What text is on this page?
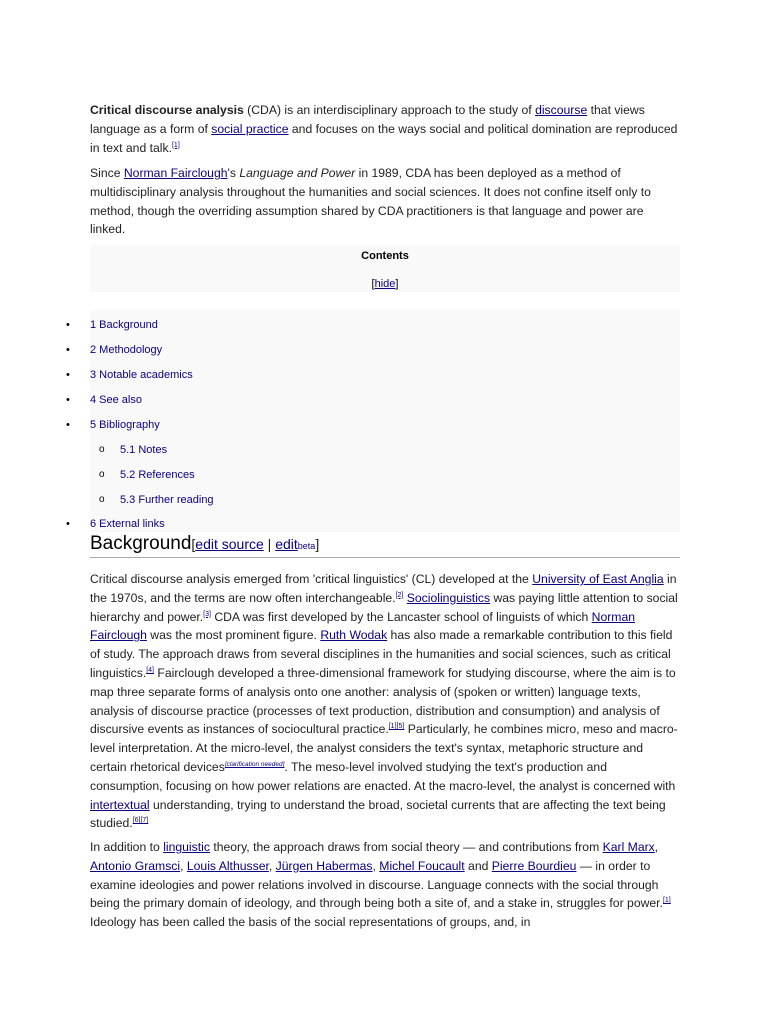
Critical discourse analysis (CDA) is an interdisciplinary approach to the study of discourse that views language as a form of social practice and focuses on the ways social and political domination are reproduced in text and talk.[1]

Since Norman Fairclough's Language and Power in 1989, CDA has been deployed as a method of multidisciplinary analysis throughout the humanities and social sciences. It does not confine itself only to method, though the overriding assumption shared by CDA practitioners is that language and power are linked.

Critical discourse analysis emerged from 'critical linguistics' (CL) developed at the University of East Anglia in the 1970s, and the terms are now often interchangeable.[2] Sociolinguistics was paying little attention to social hierarchy and power.[3] CDA was first developed by the Lancaster school of linguists of which Norman Fairclough was the most prominent figure. Ruth Wodak has also made a remarkable contribution to this field of study. The approach draws from several disciplines in the humanities and social sciences, such as critical linguistics.[4] Fairclough developed a three-dimensional framework for studying discourse, where the aim is to map three separate forms of analysis onto one another: analysis of (spoken or written) language texts, analysis of discourse practice (processes of text production, distribution and consumption) and analysis of discursive events as instances of sociocultural practice.[1][5] Particularly, he combines micro, meso and macro-level interpretation. At the micro-level, the analyst considers the text's syntax, metaphoric structure and certain rhetorical devices[clarification needed]. The meso-level involved studying the text's production and consumption, focusing on how power relations are enacted. At the macro-level, the analyst is concerned with intertextual understanding, trying to understand the broad, societal currents that are affecting the text being studied.[6][7]

In addition to linguistic theory, the approach draws from social theory — and contributions from Karl Marx, Antonio Gramsci, Louis Althusser, Jürgen Habermas, Michel Foucault and Pierre Bourdieu — in order to examine ideologies and power relations involved in discourse. Language connects with the social through being the primary domain of ideology, and through being both a site of, and a stake in, struggles for power.[1] Ideology has been called the basis of the social representations of groups, and, in

Contents
[hide]
• 1 Background
• 2 Methodology
• 3 Notable academics
• 4 See also
• 5 Bibliography
o 5.1 Notes
o 5.2 References
o 5.3 Further reading
• 6 External links
Background[edit source | editbeta]
